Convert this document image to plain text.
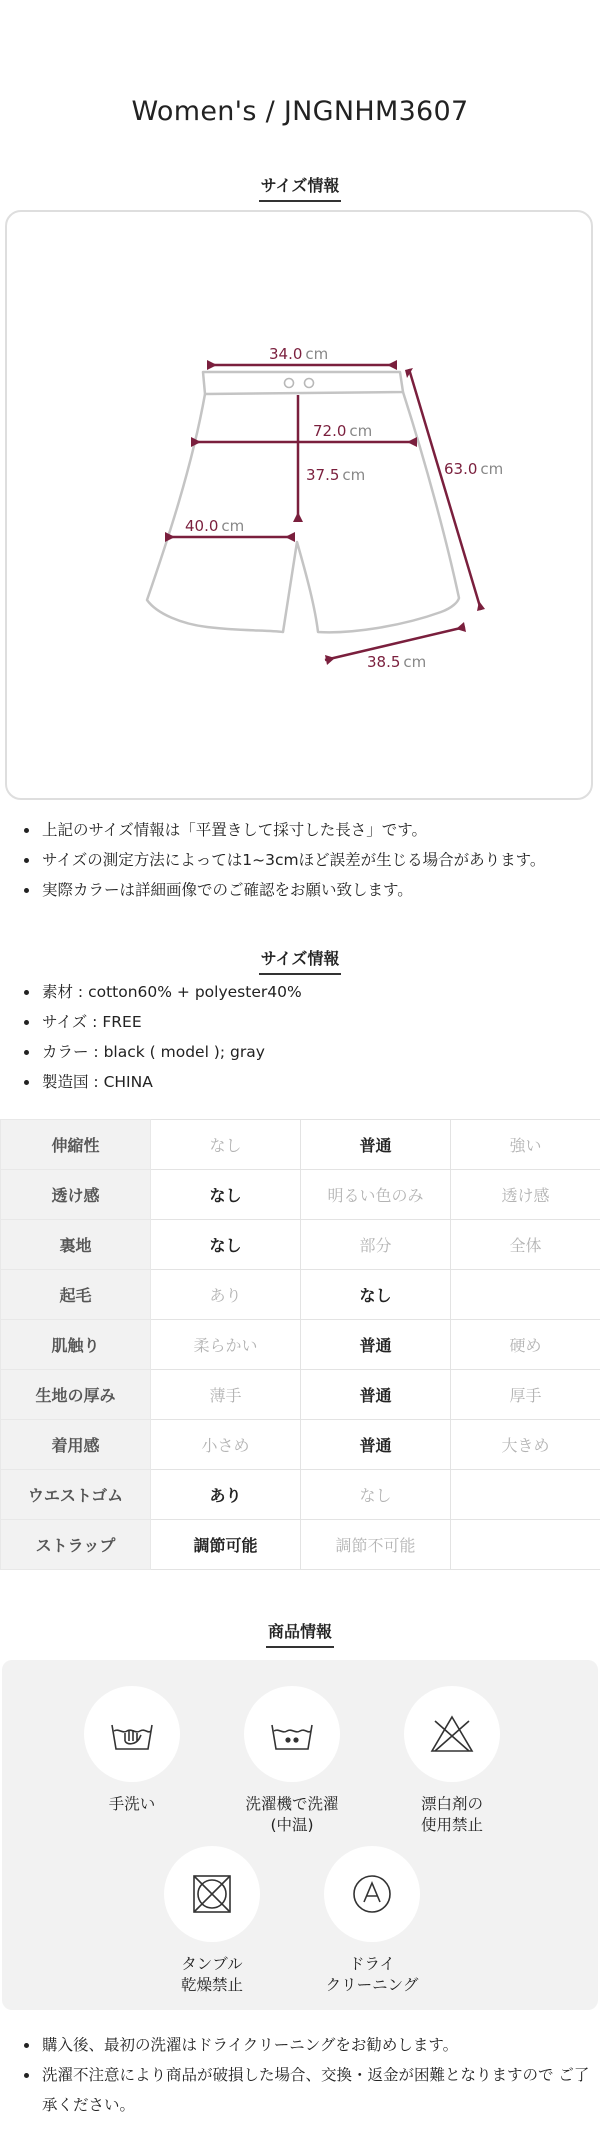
Women's / JNGNHM3607
サイズ情報
34.0 cm
72.0 cm
37.5 cm
40.0 cm
63.0 cm
38.5 cm
• 上記のサイズ情報は「平置きして採寸した長さ」です。
• サイズの測定方法によっては1~3cmほど誤差が生じる場合があります。
• 実際カラーは詳細画像でのご確認をお願い致します。
サイズ情報
• 素材 : cotton60% + polyester40%
• サイズ : FREE
• カラー : black ( model ); gray
• 製造国 : CHINA
伸縮性	なし	普通	強い
透け感	なし	明るい色のみ	透け感
裏地	なし	部分	全体
起毛	あり	なし	
肌触り	柔らかい	普通	硬め
生地の厚み	薄手	普通	厚手
着用感	小さめ	普通	大きめ
ウエストゴム	あり	なし	
ストラップ	調節可能	調節不可能	
商品情報
手洗い	洗濯機で洗濯
(中温)
漂白剤の
使用禁止
タンブル
乾燥禁止
ドライ
クリーニング
• 購入後、最初の洗濯はドライクリーニングをお勧めします。
• 洗濯不注意により商品が破損した場合、交換・返金が困難となりますので ご了承ください。
